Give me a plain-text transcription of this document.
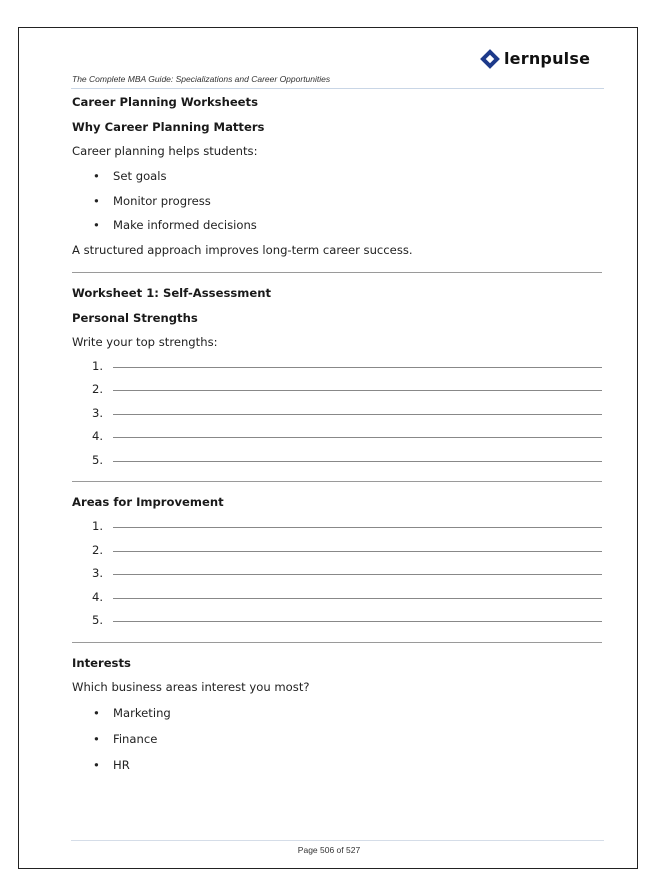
lernpulse
The Complete MBA Guide: Specializations and Career Opportunities
Career Planning Worksheets
Why Career Planning Matters
Career planning helps students:
• Set goals
• Monitor progress
• Make informed decisions
A structured approach improves long-term career success.
Worksheet 1: Self-Assessment
Personal Strengths
Write your top strengths:
1.
2.
3.
4.
5.
Areas for Improvement
1.
2.
3.
4.
5.
Interests
Which business areas interest you most?
• Marketing
• Finance
• HR
Page 506 of 527
